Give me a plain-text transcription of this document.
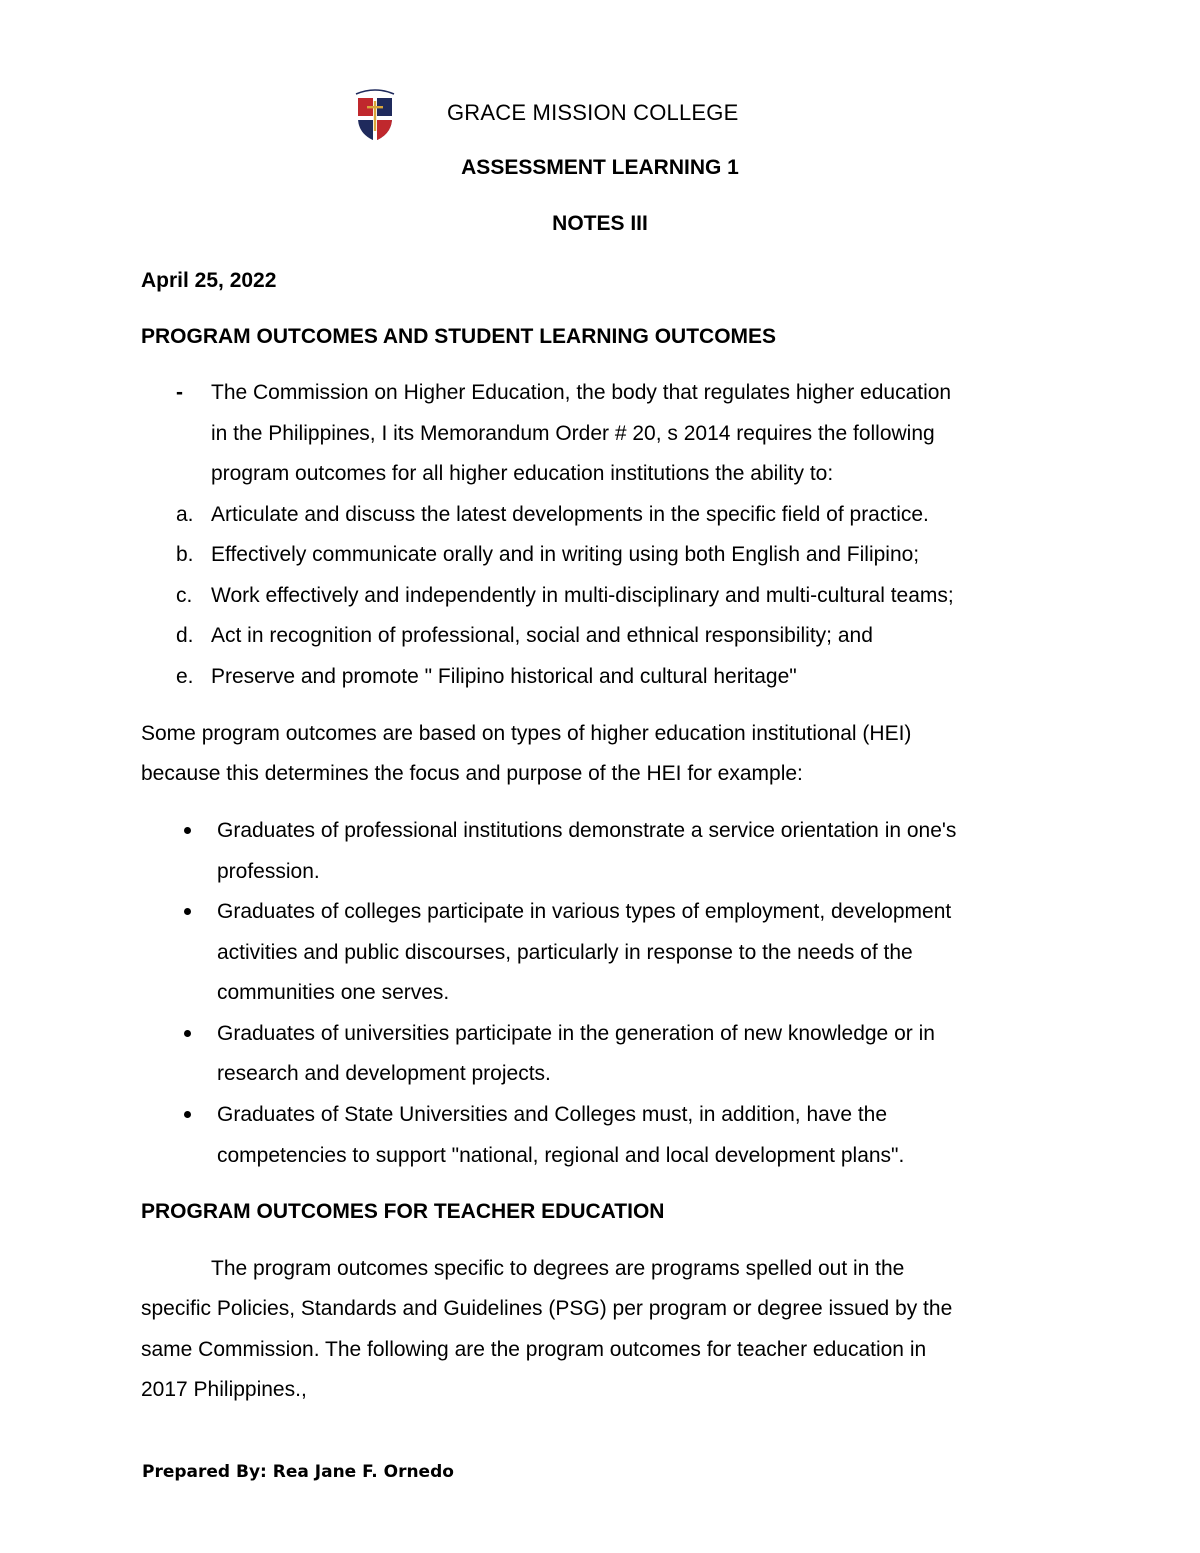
GRACE MISSION COLLEGE
ASSESSMENT LEARNING 1
NOTES III
April 25, 2022
PROGRAM OUTCOMES AND STUDENT LEARNING OUTCOMES
- The Commission on Higher Education, the body that regulates higher education
in the Philippines, I its Memorandum Order # 20, s 2014 requires the following
program outcomes for all higher education institutions the ability to:
a. Articulate and discuss the latest developments in the specific field of practice.
b. Effectively communicate orally and in writing using both English and Filipino;
c. Work effectively and independently in multi-disciplinary and multi-cultural teams;
d. Act in recognition of professional, social and ethnical responsibility; and
e. Preserve and promote " Filipino historical and cultural heritage"
Some program outcomes are based on types of higher education institutional (HEI)
because this determines the focus and purpose of the HEI for example:
Graduates of professional institutions demonstrate a service orientation in one's
profession.
Graduates of colleges participate in various types of employment, development
activities and public discourses, particularly in response to the needs of the
communities one serves.
Graduates of universities participate in the generation of new knowledge or in
research and development projects.
Graduates of State Universities and Colleges must, in addition, have the
competencies to support "national, regional and local development plans".
PROGRAM OUTCOMES FOR TEACHER EDUCATION
The program outcomes specific to degrees are programs spelled out in the
specific Policies, Standards and Guidelines (PSG) per program or degree issued by the
same Commission. The following are the program outcomes for teacher education in
2017 Philippines.,
Prepared By: Rea Jane F. Ornedo
